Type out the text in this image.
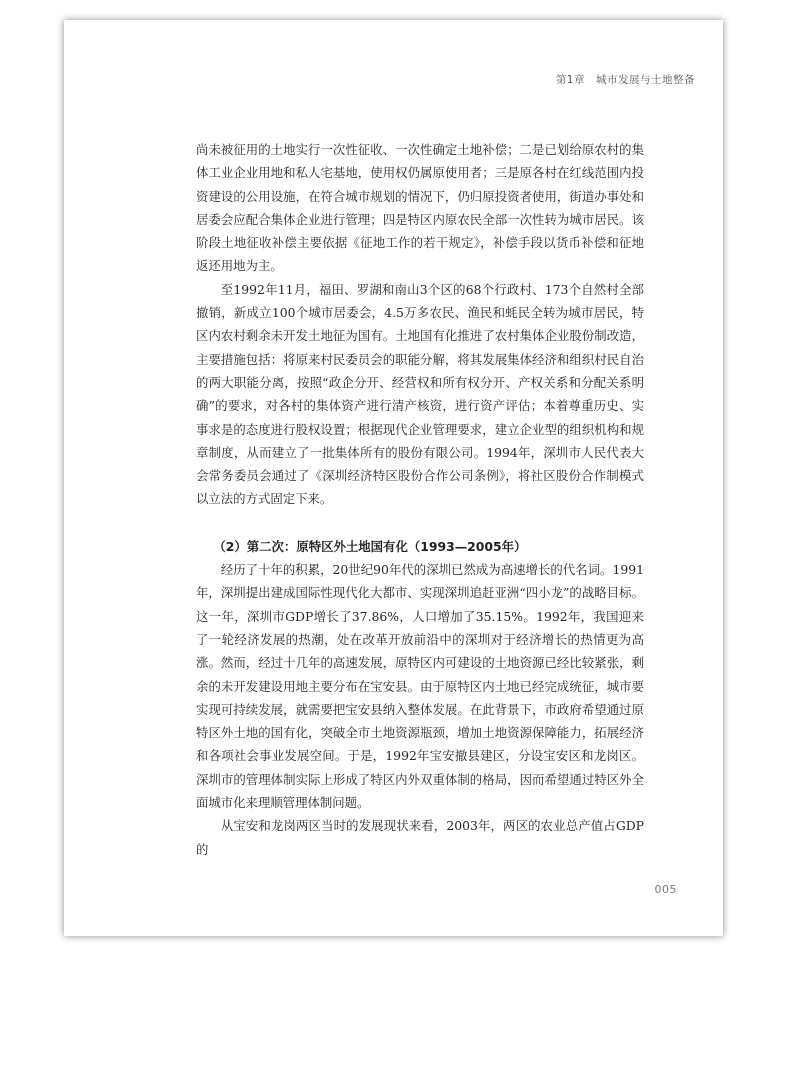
第1章　城市发展与土地整备

尚未被征用的土地实行一次性征收、一次性确定土地补偿；二是已划给原农村的集体工业企业用地和私人宅基地，使用权仍属原使用者；三是原各村在红线范围内投资建设的公用设施，在符合城市规划的情况下，仍归原投资者使用，街道办事处和居委会应配合集体企业进行管理；四是特区内原农民全部一次性转为城市居民。该阶段土地征收补偿主要依据《征地工作的若干规定》，补偿手段以货币补偿和征地返还用地为主。

至1992年11月，福田、罗湖和南山3个区的68个行政村、173个自然村全部撤销，新成立100个城市居委会，4.5万多农民、渔民和蚝民全转为城市居民，特区内农村剩余未开发土地征为国有。土地国有化推进了农村集体企业股份制改造，主要措施包括：将原来村民委员会的职能分解，将其发展集体经济和组织村民自治的两大职能分离，按照“政企分开、经营权和所有权分开、产权关系和分配关系明确”的要求，对各村的集体资产进行清产核资，进行资产评估；本着尊重历史、实事求是的态度进行股权设置；根据现代企业管理要求，建立企业型的组织机构和规章制度，从而建立了一批集体所有的股份有限公司。1994年，深圳市人民代表大会常务委员会通过了《深圳经济特区股份合作公司条例》，将社区股份合作制模式以立法的方式固定下来。

（2）第二次：原特区外土地国有化（1993—2005年）

经历了十年的积累，20世纪90年代的深圳已然成为高速增长的代名词。1991年，深圳提出建成国际性现代化大都市、实现深圳追赶亚洲“四小龙”的战略目标。这一年，深圳市GDP增长了37.86%，人口增加了35.15%。1992年，我国迎来了一轮经济发展的热潮，处在改革开放前沿中的深圳对于经济增长的热情更为高涨。然而，经过十几年的高速发展，原特区内可建设的土地资源已经比较紧张，剩余的未开发建设用地主要分布在宝安县。由于原特区内土地已经完成统征，城市要实现可持续发展，就需要把宝安县纳入整体发展。在此背景下，市政府希望通过原特区外土地的国有化，突破全市土地资源瓶颈，增加土地资源保障能力，拓展经济和各项社会事业发展空间。于是，1992年宝安撤县建区，分设宝安区和龙岗区。深圳市的管理体制实际上形成了特区内外双重体制的格局，因而希望通过特区外全面城市化来理顺管理体制问题。

从宝安和龙岗两区当时的发展现状来看，2003年，两区的农业总产值占GDP的

005
